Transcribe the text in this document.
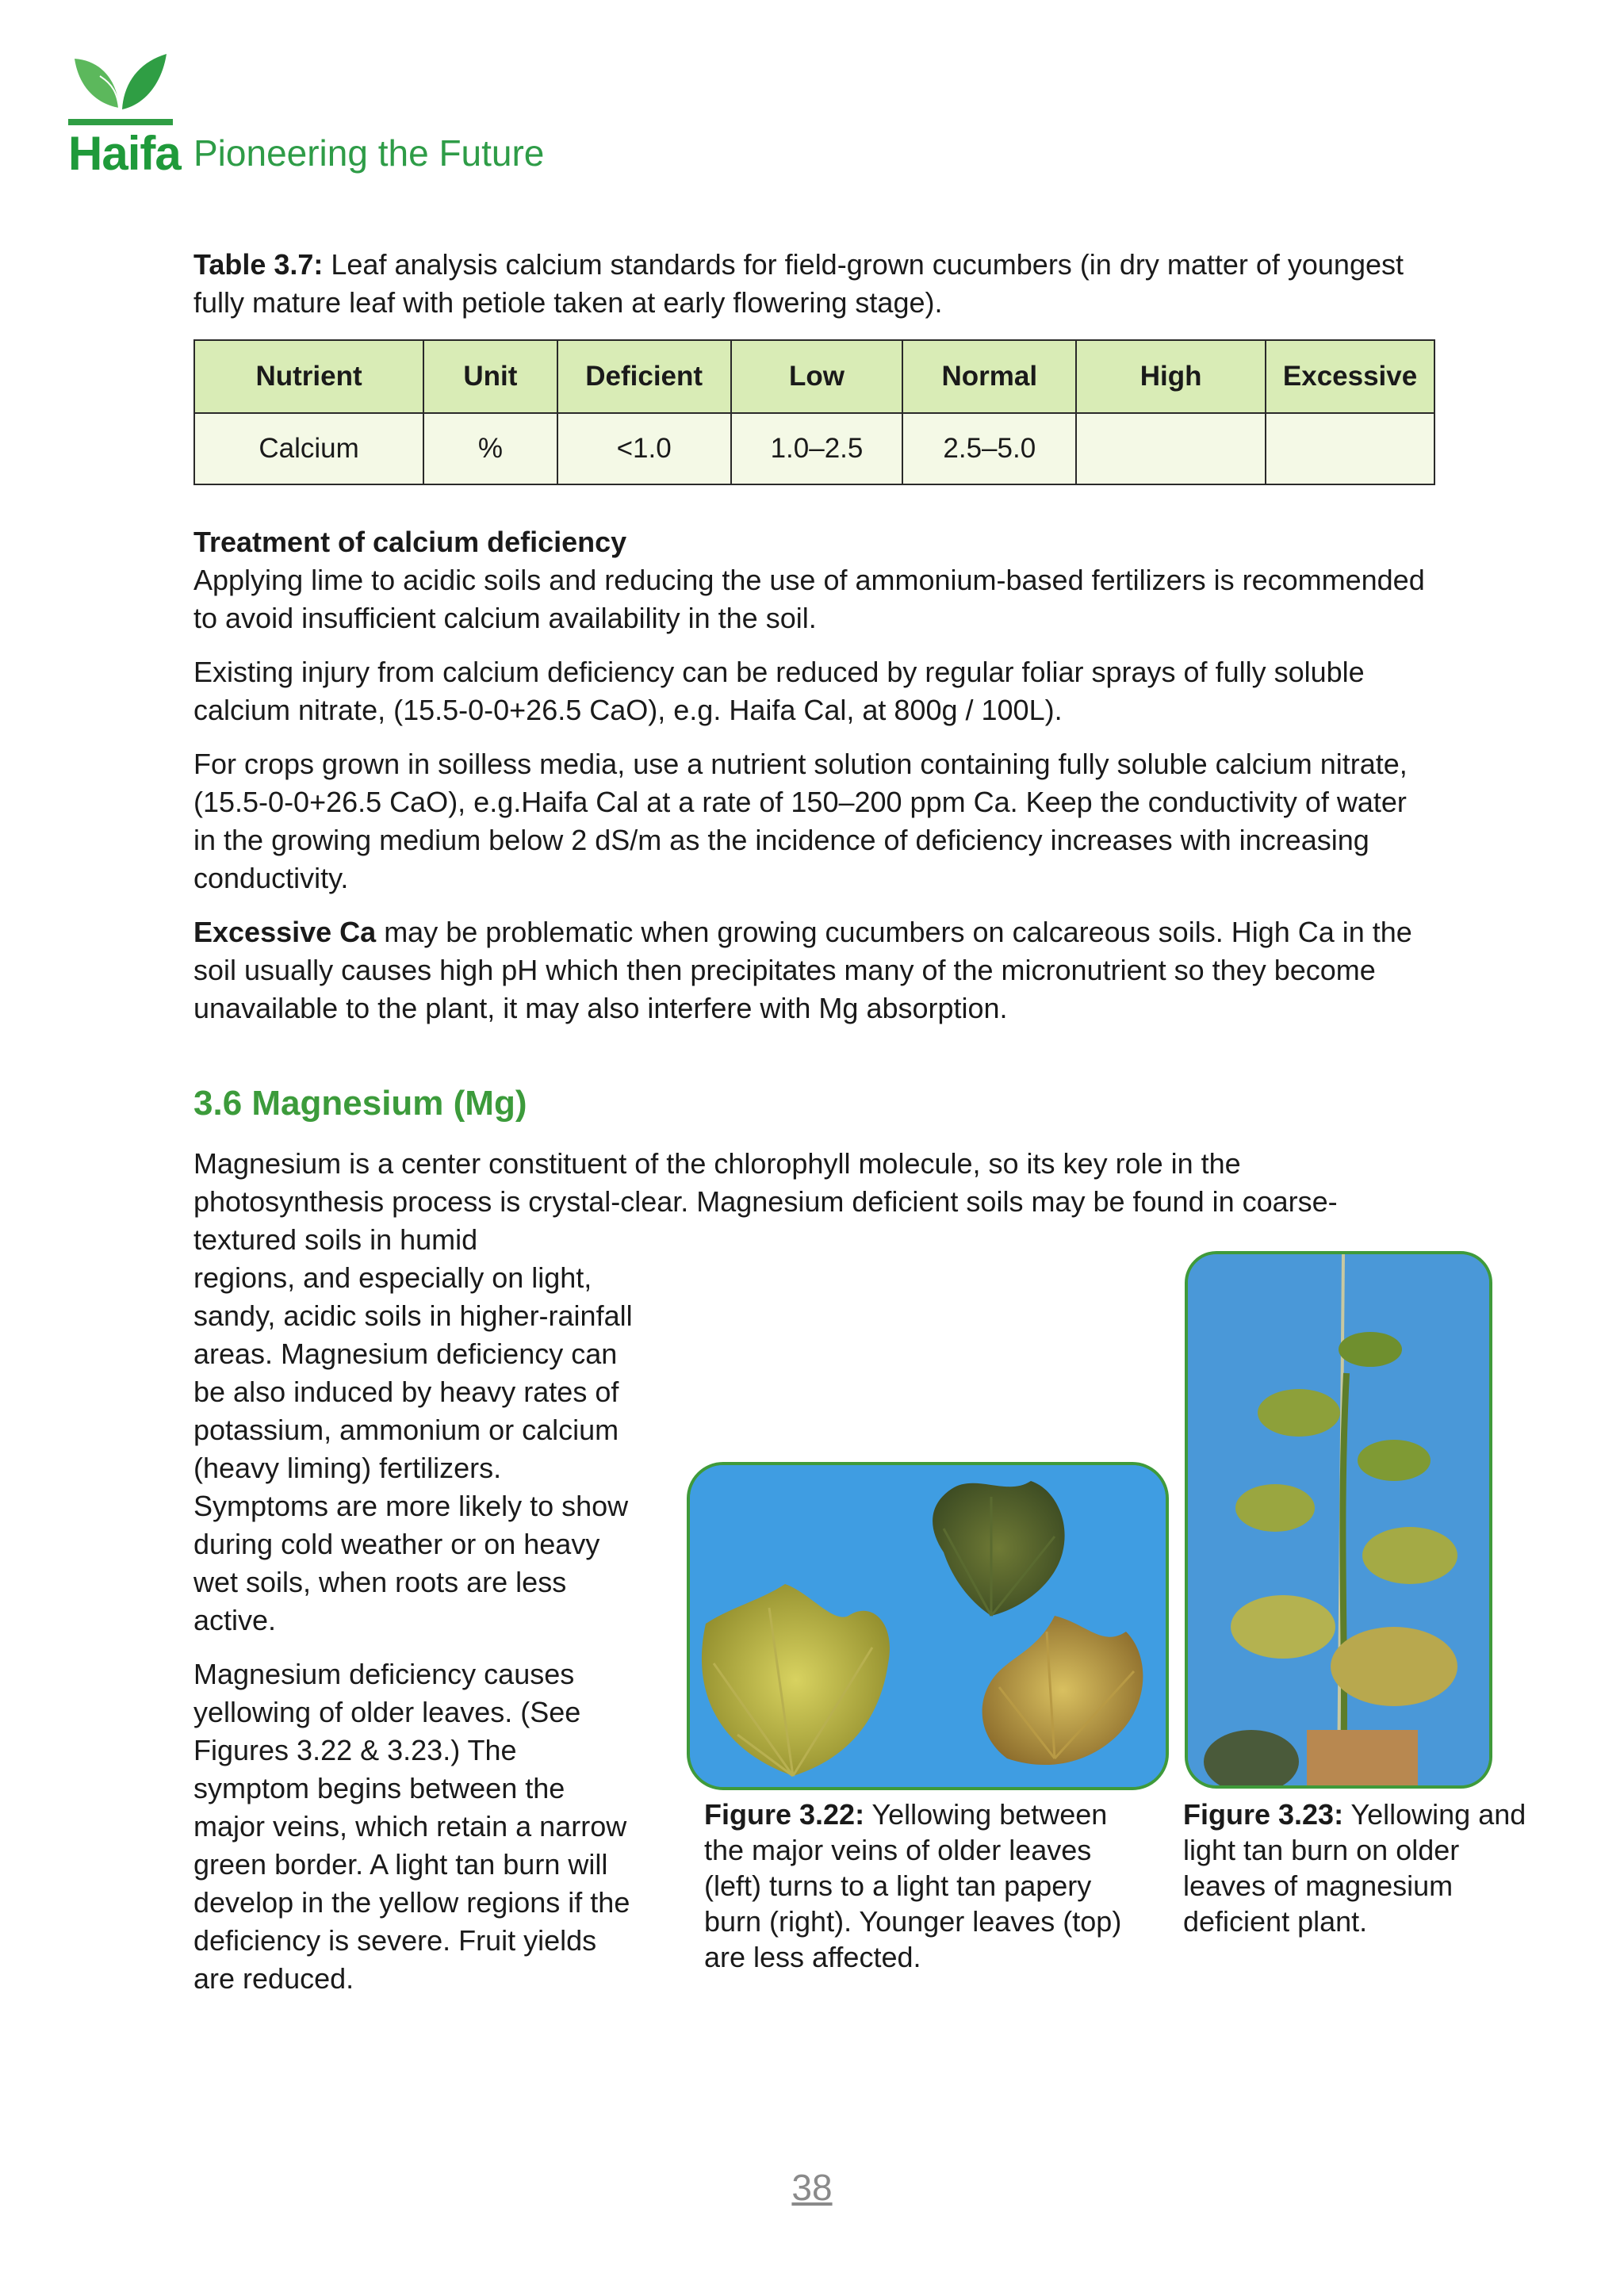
Haifa Pioneering the Future

Table 3.7: Leaf analysis calcium standards for field-grown cucumbers (in dry matter of youngest fully mature leaf with petiole taken at early flowering stage).

Nutrient	Unit	Deficient	Low	Normal	High	Excessive
Calcium	%	<1.0	1.0–2.5	2.5–5.0		
Treatment of calcium deficiency

Applying lime to acidic soils and reducing the use of ammonium-based fertilizers is recommended to avoid insufficient calcium availability in the soil.

Existing injury from calcium deficiency can be reduced by regular foliar sprays of fully soluble calcium nitrate, (15.5-0-0+26.5 CaO), e.g. Haifa Cal, at 800g / 100L).

For crops grown in soilless media, use a nutrient solution containing fully soluble calcium nitrate, (15.5-0-0+26.5 CaO), e.g.Haifa Cal at a rate of 150–200 ppm Ca. Keep the conductivity of water in the growing medium below 2 dS/m as the incidence of deficiency increases with increasing conductivity.

Excessive Ca may be problematic when growing cucumbers on calcareous soils. High Ca in the soil usually causes high pH which then precipitates many of the micronutrient so they become unavailable to the plant, it may also interfere with Mg absorption.

3.6 Magnesium (Mg)

Magnesium is a center constituent of the chlorophyll molecule, so its key role in the photosynthesis process is crystal-clear. Magnesium deficient soils may be found in coarse-textured soils in humid

regions, and especially on light, sandy, acidic soils in higher-rainfall areas. Magnesium deficiency can be also induced by heavy rates of potassium, ammonium or calcium (heavy liming) fertilizers. Symptoms are more likely to show during cold weather or on heavy wet soils, when roots are less active.

Magnesium deficiency causes yellowing of older leaves. (See Figures 3.22 & 3.23.) The symptom begins between the major veins, which retain a narrow green border. A light tan burn will develop in the yellow regions if the deficiency is severe. Fruit yields are reduced.

Figure 3.22: Yellowing between the major veins of older leaves (left) turns to a light tan papery burn (right). Younger leaves (top) are less affected.

Figure 3.23: Yellowing and light tan burn on older leaves of magnesium deficient plant.

38
